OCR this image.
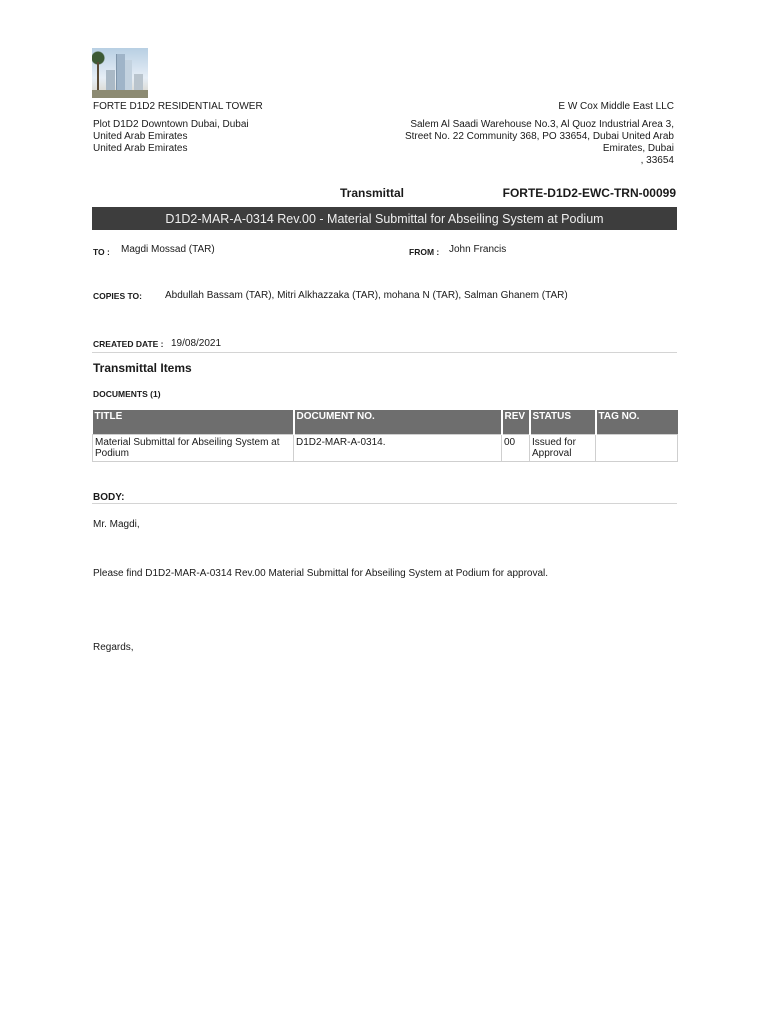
FORTE D1D2 RESIDENTIAL TOWER
Plot D1D2 Downtown Dubai, Dubai
United Arab Emirates
United Arab Emirates
E W Cox Middle East LLC
Salem Al Saadi Warehouse No.3, Al Quoz Industrial Area 3,
Street No. 22 Community 368, PO 33654, Dubai United Arab
Emirates, Dubai
, 33654
Transmittal	FORTE-D1D2-EWC-TRN-00099
D1D2-MAR-A-0314 Rev.00 - Material Submittal for Abseiling System at Podium
TO : Magdi Mossad (TAR)	FROM : John Francis
COPIES TO: Abdullah Bassam (TAR), Mitri Alkhazzaka (TAR), mohana N (TAR), Salman Ghanem (TAR)
CREATED DATE : 19/08/2021
Transmittal Items
DOCUMENTS (1)
TITLE	DOCUMENT NO.	REV	STATUS	TAG NO.
Material Submittal for Abseiling System at Podium	D1D2-MAR-A-0314.	00	Issued for Approval	
BODY:
Mr. Magdi,
Please find D1D2-MAR-A-0314 Rev.00 Material Submittal for Abseiling System at Podium for approval.
Regards,
